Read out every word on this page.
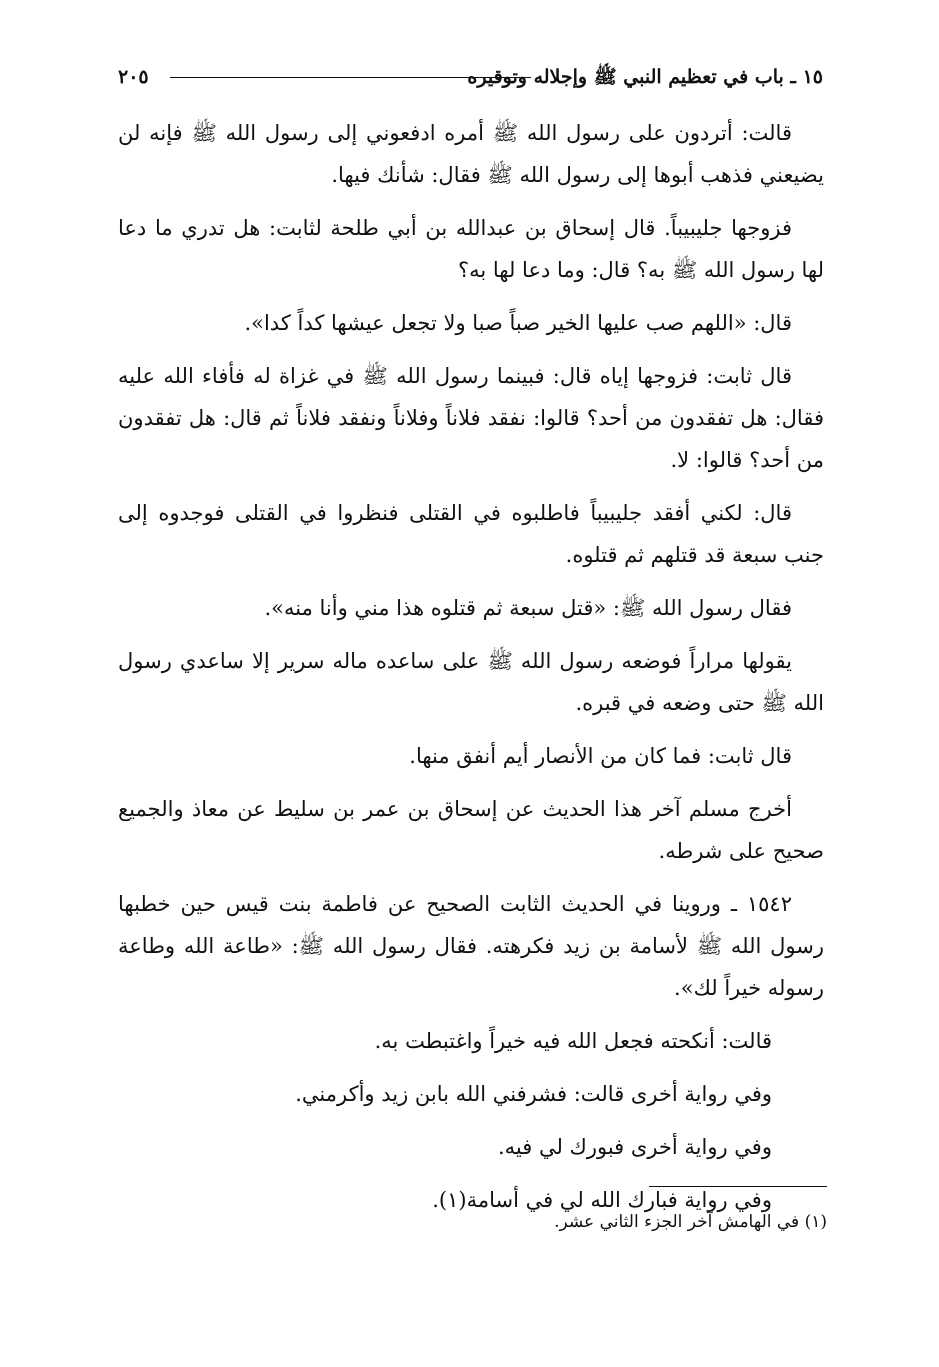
١٥ ـ باب في تعظيم النبي ﷺ وإجلاله وتوقيره
٢٠٥

قالت: أتردون على رسول الله ﷺ أمره ادفعوني إلى رسول الله ﷺ فإنه لن يضيعني فذهب أبوها إلى رسول الله ﷺ فقال: شأنك فيها.

فزوجها جليبيباً. قال إسحاق بن عبدالله بن أبي طلحة لثابت: هل تدري ما دعا لها رسول الله ﷺ به؟ قال: وما دعا لها به؟

قال: «اللهم صب عليها الخير صباً صبا ولا تجعل عيشها كداً كدا».

قال ثابت: فزوجها إياه قال: فبينما رسول الله ﷺ في غزاة له فأفاء الله عليه فقال: هل تفقدون من أحد؟ قالوا: نفقد فلاناً وفلاناً ونفقد فلاناً ثم قال: هل تفقدون من أحد؟ قالوا: لا.

قال: لكني أفقد جليبيباً فاطلبوه في القتلى فنظروا في القتلى فوجدوه إلى جنب سبعة قد قتلهم ثم قتلوه.

فقال رسول الله ﷺ: «قتل سبعة ثم قتلوه هذا مني وأنا منه».

يقولها مراراً فوضعه رسول الله ﷺ على ساعده ماله سرير إلا ساعدي رسول الله ﷺ حتى وضعه في قبره.

قال ثابت: فما كان من الأنصار أيم أنفق منها.

أخرج مسلم آخر هذا الحديث عن إسحاق بن عمر بن سليط عن معاذ والجميع صحيح على شرطه.

١٥٤٢ ـ وروينا في الحديث الثابت الصحيح عن فاطمة بنت قيس حين خطبها رسول الله ﷺ لأسامة بن زيد فكرهته. فقال رسول الله ﷺ: «طاعة الله وطاعة رسوله خيراً لك».

قالت: أنكحته فجعل الله فيه خيراً واغتبطت به.

وفي رواية أخرى قالت: فشرفني الله بابن زيد وأكرمني.

وفي رواية أخرى فبورك لي فيه.

وفي رواية فبارك الله لي في أسامة(١).

(١) في الهامش آخر الجزء الثاني عشر.
